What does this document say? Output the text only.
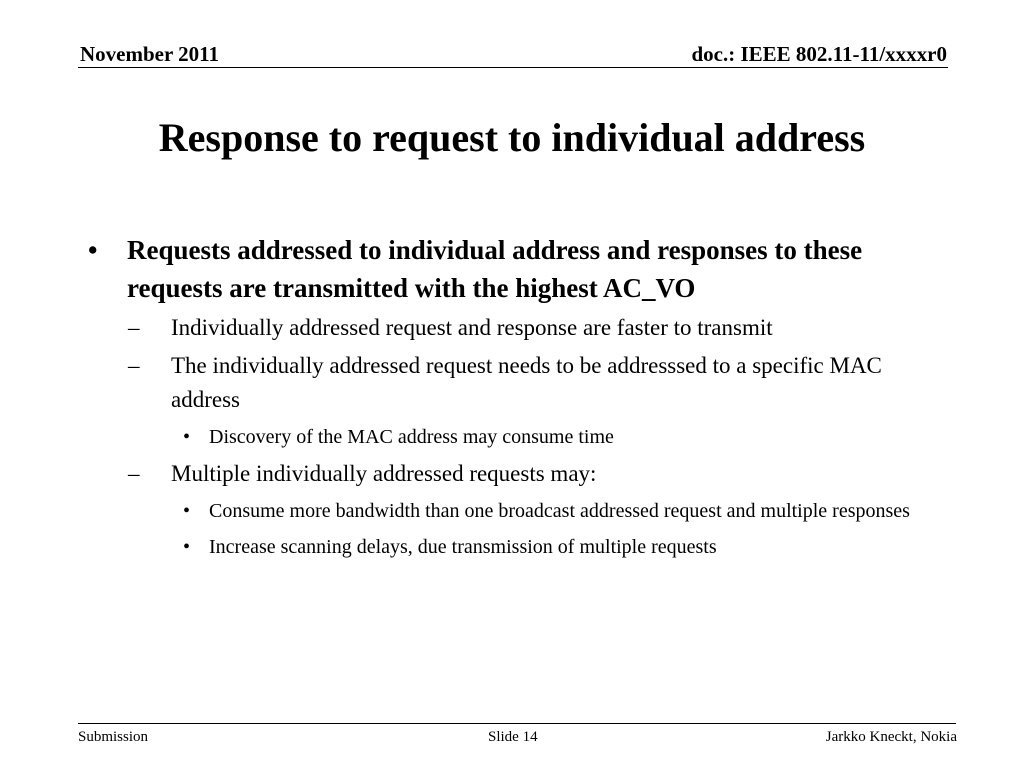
November 2011	doc.: IEEE 802.11-11/xxxxr0
Response to request to individual address
• Requests addressed to individual address and responses to these requests are transmitted with the highest AC_VO
– Individually addressed request and response are faster to transmit
– The individually addressed request needs to be addresssed to a specific MAC address
• Discovery of the MAC address may consume time
– Multiple individually addressed requests may:
• Consume more bandwidth than one broadcast addressed request and multiple responses
• Increase scanning delays, due transmission of multiple requests
Submission	Slide 14	Jarkko Kneckt, Nokia
